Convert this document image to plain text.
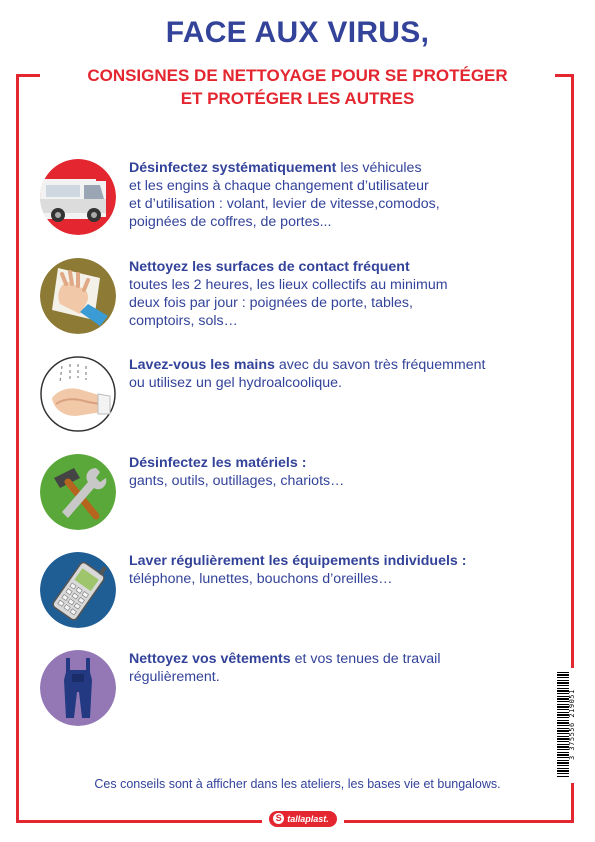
FACE AUX VIRUS,
CONSIGNES DE NETTOYAGE POUR SE PROTÉGER
ET PROTÉGER LES AUTRES
Désinfectez systématiquement les véhicules
et les engins à chaque changement d’utilisateur
et d’utilisation : volant, levier de vitesse,comodos,
poignées de coffres, de portes...
Nettoyez les surfaces de contact fréquent
toutes les 2 heures, les lieux collectifs au minimum
deux fois par jour : poignées de porte, tables,
comptoirs, sols…
Lavez-vous les mains avec du savon très fréquemment
ou utilisez un gel hydroalcoolique.
Désinfectez les matériels :
gants, outils, outillages, chariots…
Laver régulièrement les équipements individuels :
téléphone, lunettes, bouchons d’oreilles…
Nettoyez vos vêtements et vos tenues de travail
régulièrement.
3 375556 219051
Ces conseils sont à afficher dans les ateliers, les bases vie et bungalows.
S tallaplast.
